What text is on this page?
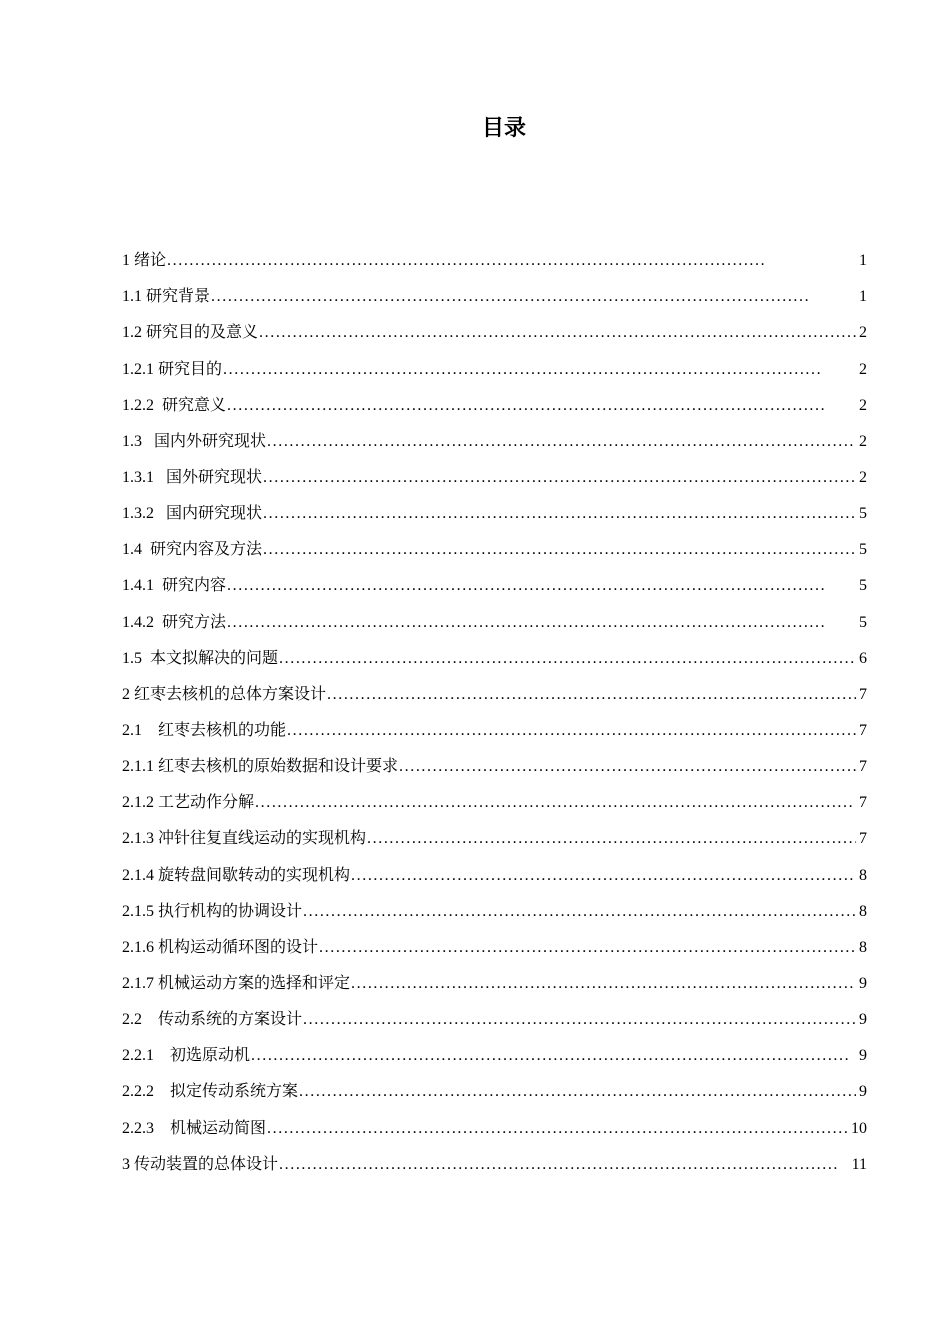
目录
1 绪论 . . .	1
1.1 研究背景 . . .	1
1.2 研究目的及意义 . . .	2
1.2.1 研究目的 . . .	2
1.2.2  研究意义 . . .	2
1.3   国内外研究现状 . . .	2
1.3.1   国外研究现状 . . .	2
1.3.2   国内研究现状 . . .	5
1.4  研究内容及方法 . . .	5
1.4.1  研究内容 . . .	5
1.4.2  研究方法 . . .	5
1.5  本文拟解决的问题 . . .	6
2 红枣去核机的总体方案设计 . . .	7
2.1    红枣去核机的功能 . . .	7
2.1.1 红枣去核机的原始数据和设计要求 . . .	7
2.1.2 工艺动作分解 . . .	7
2.1.3 冲针往复直线运动的实现机构 . . .	7
2.1.4 旋转盘间歇转动的实现机构 . . .	8
2.1.5 执行机构的协调设计 . . .	8
2.1.6 机构运动循环图的设计 . . .	8
2.1.7 机械运动方案的选择和评定 . . .	9
2.2    传动系统的方案设计 . . .	9
2.2.1    初选原动机 . . .	9
2.2.2    拟定传动系统方案 . . .	9
2.2.3    机械运动简图 . . .	10
3 传动装置的总体设计 . . .	11
